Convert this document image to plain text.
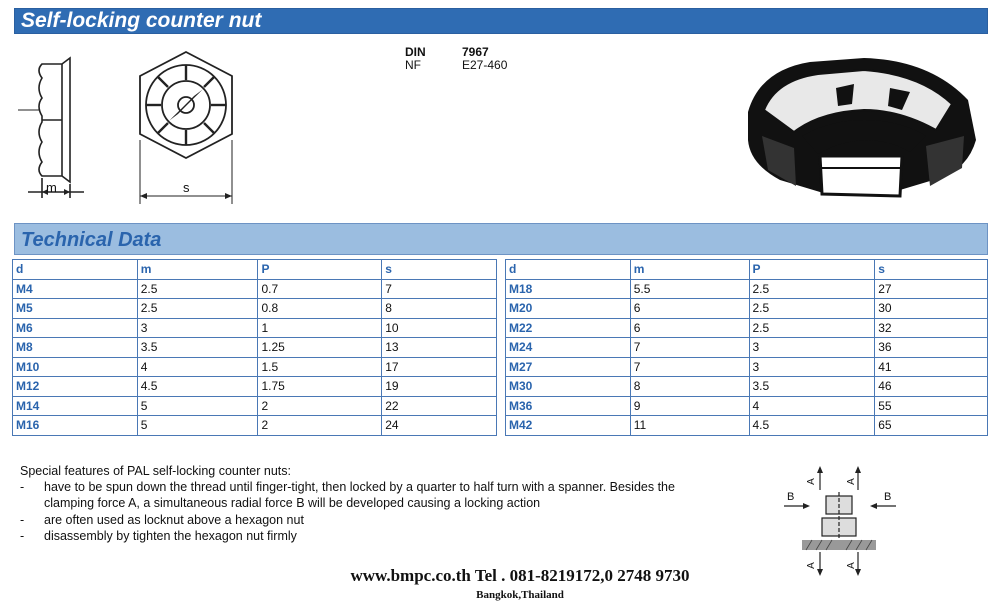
Self-locking counter nut
m	s
DIN	7967
NF	E27-460
Technical Data
d	m	P	s
M4	2.5	0.7	7
M5	2.5	0.8	8
M6	3	1	10
M8	3.5	1.25	13
M10	4	1.5	17
M12	4.5	1.75	19
M14	5	2	22
M16	5	2	24
d	m	P	s
M18	5.5	2.5	27
M20	6	2.5	30
M22	6	2.5	32
M24	7	3	36
M27	7	3	41
M30	8	3.5	46
M36	9	4	55
M42	11	4.5	65
Special features of PAL self-locking counter nuts:
-	have to be spun down the thread until finger-tight, then locked by a quarter to half turn with a spanner. Besides the
clamping force A, a simultaneous radial force B will be developed causing a locking action
-	are often used as locknut above a hexagon nut
-	disassembly by tighten the hexagon nut firmly
B	B
A	A
A	A
www.bmpc.co.th Tel . 081-8219172,0 2748 9730
Bangkok,Thailand
